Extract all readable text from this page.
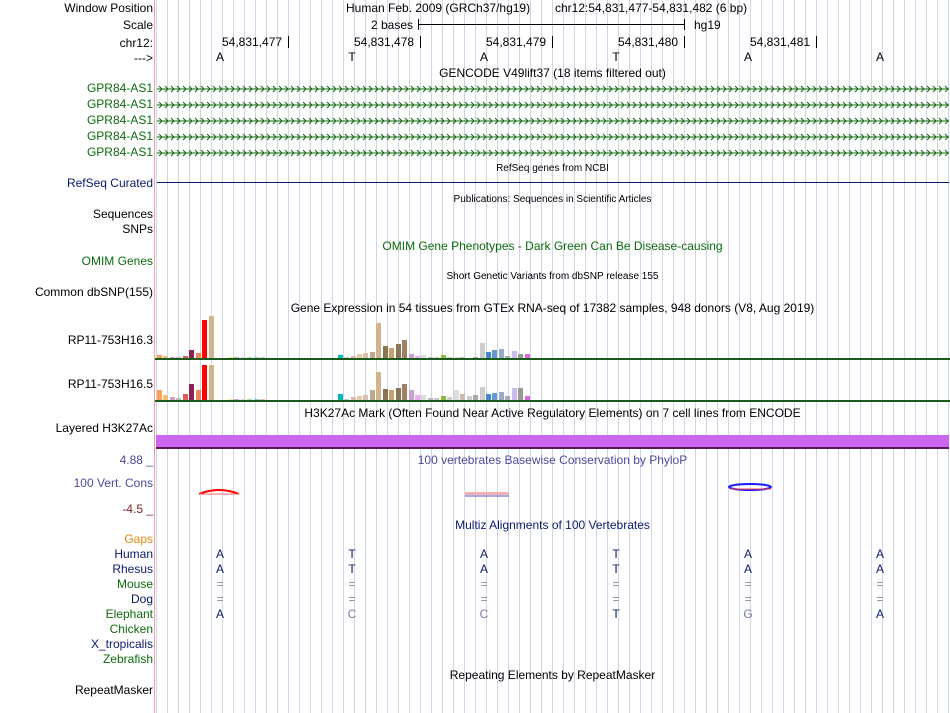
Window Position	Human Feb. 2009 (GRCh37/hg19) chr12:54,831,477-54,831,482 (6 bp)
Scale	2 bases	hg19
chr12:	54,831,477	54,831,478	54,831,479	54,831,480	54,831,481
--->	A	T	A	T	A	A
GENCODE V49lift37 (18 items filtered out)
GPR84-AS1
GPR84-AS1
GPR84-AS1
GPR84-AS1
GPR84-AS1
RefSeq genes from NCBI
RefSeq Curated
Publications: Sequences in Scientific Articles
Sequences
SNPs
OMIM Gene Phenotypes - Dark Green Can Be Disease-causing
OMIM Genes
Short Genetic Variants from dbSNP release 155
Common dbSNP(155)
Gene Expression in 54 tissues from GTEx RNA-seq of 17382 samples, 948 donors (V8, Aug 2019)
RP11-753H16.3
RP11-753H16.5
H3K27Ac Mark (Often Found Near Active Regulatory Elements) on 7 cell lines from ENCODE
Layered H3K27Ac
100 vertebrates Basewise Conservation by PhyloP
4.88 _
100 Vert. Cons
-4.5 _
Multiz Alignments of 100 Vertebrates
Gaps
Human	A	T	A	T	A	A
Rhesus	A	T	A	T	A	A
Mouse	=	=	=	=	=	=
Dog	=	=	=	=	=	=
Elephant	A	C	C	T	G	A
Chicken
X_tropicalis
Zebrafish
Repeating Elements by RepeatMasker
RepeatMasker
